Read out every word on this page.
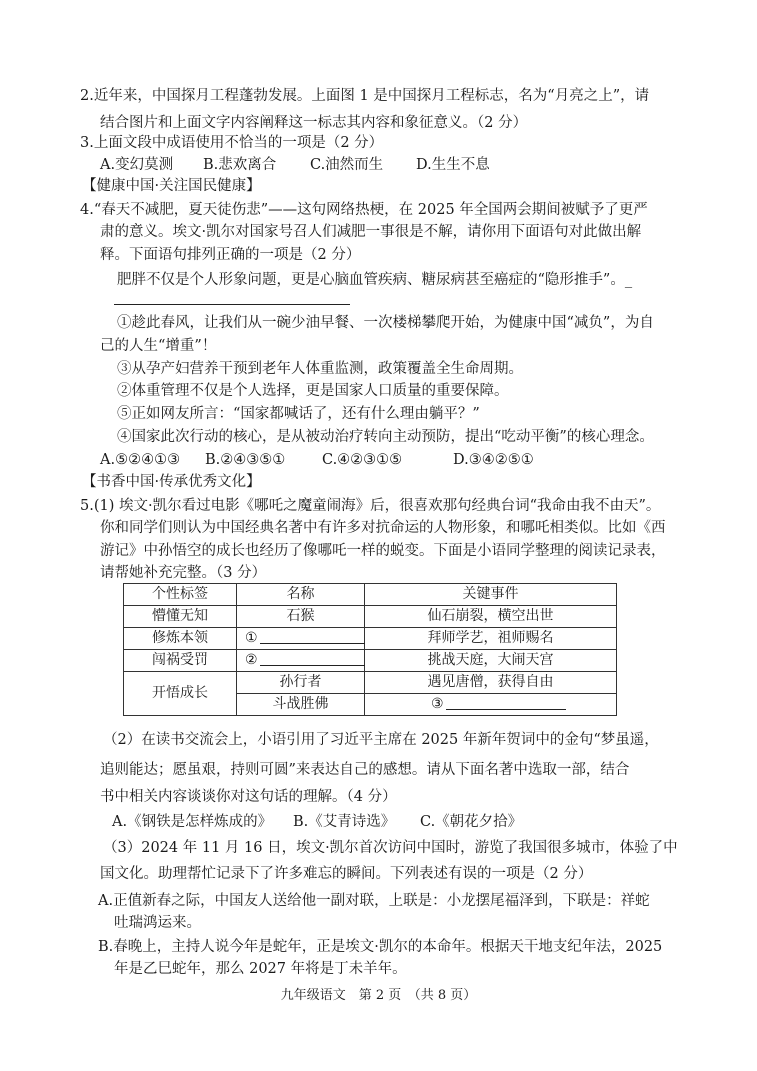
2.近年来，中国探月工程蓬勃发展。上面图 1 是中国探月工程标志，名为“月亮之上”，请
结合图片和上面文字内容阐释这一标志其内容和象征意义。（2 分）
3.上面文段中成语使用不恰当的一项是（2 分）
A.变幻莫测 B.悲欢离合 C.油然而生 D.生生不息
【健康中国·关注国民健康】
4.“春天不减肥，夏天徒伤悲”——这句网络热梗，在 2025 年全国两会期间被赋予了更严
肃的意义。埃文·凯尔对国家号召人们减肥一事很是不解，请你用下面语句对此做出解
释。下面语句排列正确的一项是（2 分）
肥胖不仅是个人形象问题，更是心脑血管疾病、糖尿病甚至癌症的“隐形推手”。_
①趁此春风，让我们从一碗少油早餐、一次楼梯攀爬开始，为健康中国“减负”，为自
己的人生“增重”！
③从孕产妇营养干预到老年人体重监测，政策覆盖全生命周期。
②体重管理不仅是个人选择，更是国家人口质量的重要保障。
⑤正如网友所言：“国家都喊话了，还有什么理由躺平？”
④国家此次行动的核心，是从被动治疗转向主动预防，提出“吃动平衡”的核心理念。
A.⑤②④①③ B.②④③⑤①	C.④②③①⑤	D.③④②⑤①
【书香中国·传承优秀文化】
5.(1) 埃文·凯尔看过电影《哪吒之魔童闹海》后，很喜欢那句经典台词“我命由我不由天”。
你和同学们则认为中国经典名著中有许多对抗命运的人物形象，和哪吒相类似。比如《西
游记》中孙悟空的成长也经历了像哪吒一样的蜕变。下面是小语同学整理的阅读记录表，
请帮她补充完整。（3 分）
个性标签	名称	关键事件
懵懂无知	石猴	仙石崩裂，横空出世
修炼本领	①	拜师学艺，祖师赐名
闯祸受罚	②	挑战天庭，大闹天宫
开悟成长	孙行者	遇见唐僧，获得自由
	斗战胜佛	③
（2）在读书交流会上，小语引用了习近平主席在 2025 年新年贺词中的金句“梦虽遥，
追则能达；愿虽艰，持则可圆”来表达自己的感想。请从下面名著中选取一部，结合
书中相关内容谈谈你对这句话的理解。（4 分）
A.《钢铁是怎样炼成的》 B.《艾青诗选》 C.《朝花夕拾》
（3）2024 年 11 月 16 日，埃文·凯尔首次访问中国时，游览了我国很多城市，体验了中
国文化。助理帮忙记录下了许多难忘的瞬间。下列表述有误的一项是（2 分）
A.正值新春之际，中国友人送给他一副对联，上联是：小龙摆尾福泽到，下联是：祥蛇
吐瑞鸿运来。
B.春晚上，主持人说今年是蛇年，正是埃文·凯尔的本命年。根据天干地支纪年法，2025
年是乙巳蛇年，那么 2027 年将是丁未羊年。
九年级语文　第 2 页　（共 8 页）
